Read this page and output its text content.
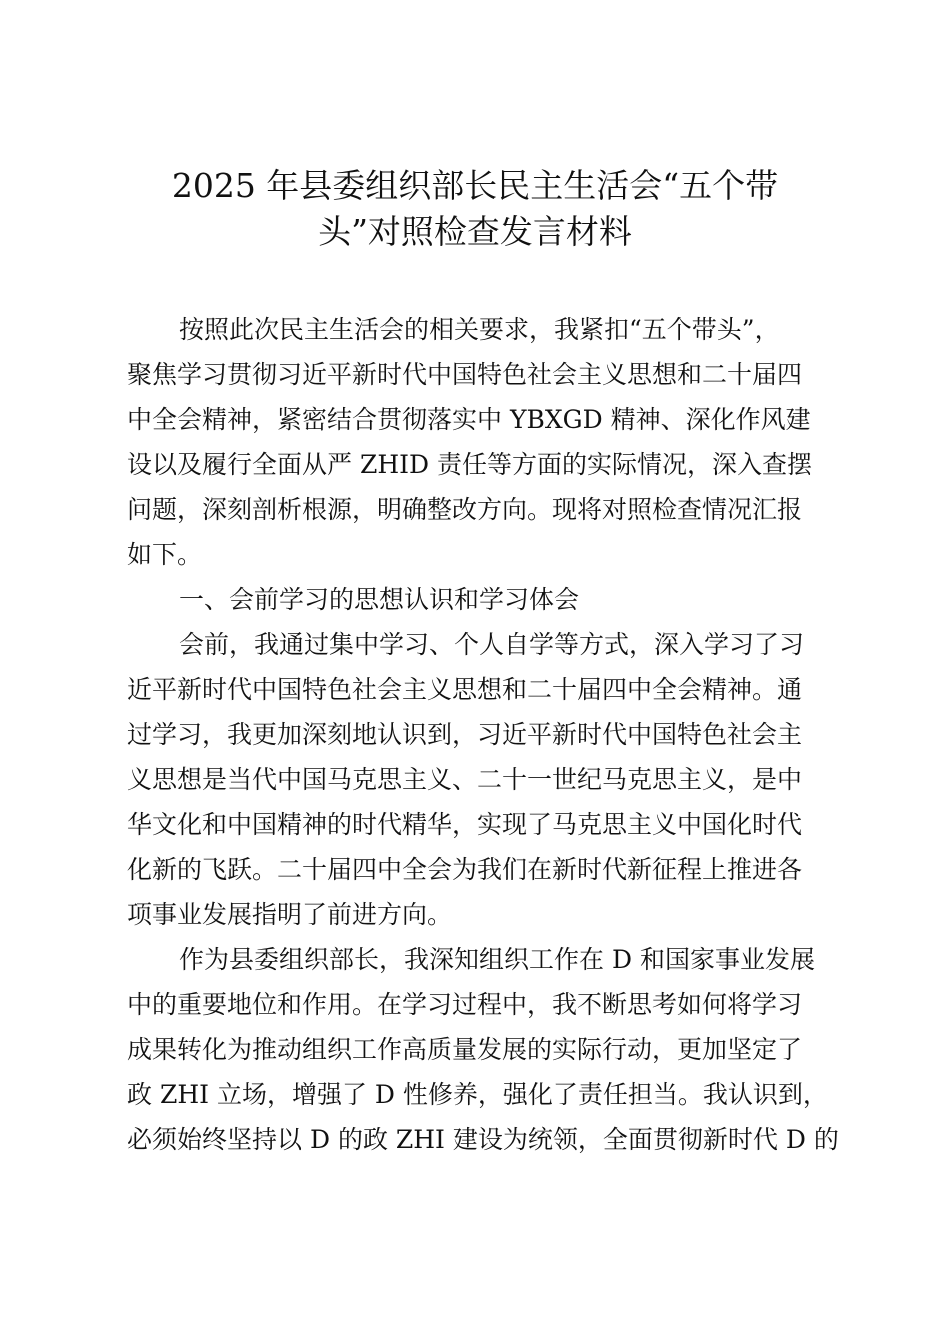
2025 年县委组织部长民主生活会“五个带
头”对照检查发言材料

按照此次民主生活会的相关要求，我紧扣“五个带头”，
聚焦学习贯彻习近平新时代中国特色社会主义思想和二十届四
中全会精神，紧密结合贯彻落实中 YBXGD 精神、深化作风建
设以及履行全面从严 ZHID 责任等方面的实际情况，深入查摆
问题，深刻剖析根源，明确整改方向。现将对照检查情况汇报
如下。

一、会前学习的思想认识和学习体会

会前，我通过集中学习、个人自学等方式，深入学习了习
近平新时代中国特色社会主义思想和二十届四中全会精神。通
过学习，我更加深刻地认识到，习近平新时代中国特色社会主
义思想是当代中国马克思主义、二十一世纪马克思主义，是中
华文化和中国精神的时代精华，实现了马克思主义中国化时代
化新的飞跃。二十届四中全会为我们在新时代新征程上推进各
项事业发展指明了前进方向。

作为县委组织部长，我深知组织工作在 D 和国家事业发展
中的重要地位和作用。在学习过程中，我不断思考如何将学习
成果转化为推动组织工作高质量发展的实际行动，更加坚定了
政 ZHI 立场，增强了 D 性修养，强化了责任担当。我认识到，
必须始终坚持以 D 的政 ZHI 建设为统领，全面贯彻新时代 D 的
